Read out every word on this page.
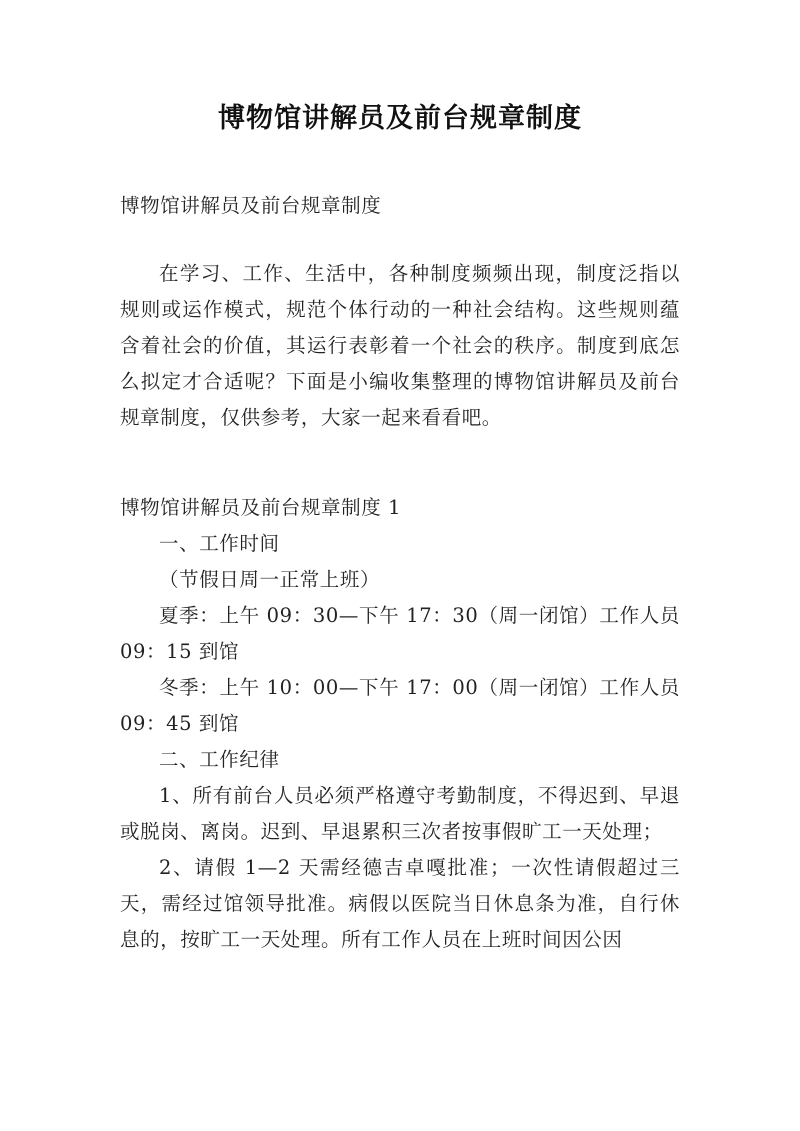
博物馆讲解员及前台规章制度
博物馆讲解员及前台规章制度
在学习、工作、生活中，各种制度频频出现，制度泛指以规则或运作模式，规范个体行动的一种社会结构。这些规则蕴含着社会的价值，其运行表彰着一个社会的秩序。制度到底怎么拟定才合适呢？下面是小编收集整理的博物馆讲解员及前台规章制度，仅供参考，大家一起来看看吧。
博物馆讲解员及前台规章制度 1
一、工作时间
（节假日周一正常上班）
夏季：上午 09：30—下午 17：30（周一闭馆）工作人员 09：15 到馆
冬季：上午 10：00—下午 17：00（周一闭馆）工作人员 09：45 到馆
二、工作纪律
1、所有前台人员必须严格遵守考勤制度，不得迟到、早退或脱岗、离岗。迟到、早退累积三次者按事假旷工一天处理；
2、请假 1—2 天需经德吉卓嘎批准；一次性请假超过三天，需经过馆领导批准。病假以医院当日休息条为准，自行休息的，按旷工一天处理。所有工作人员在上班时间因公因
